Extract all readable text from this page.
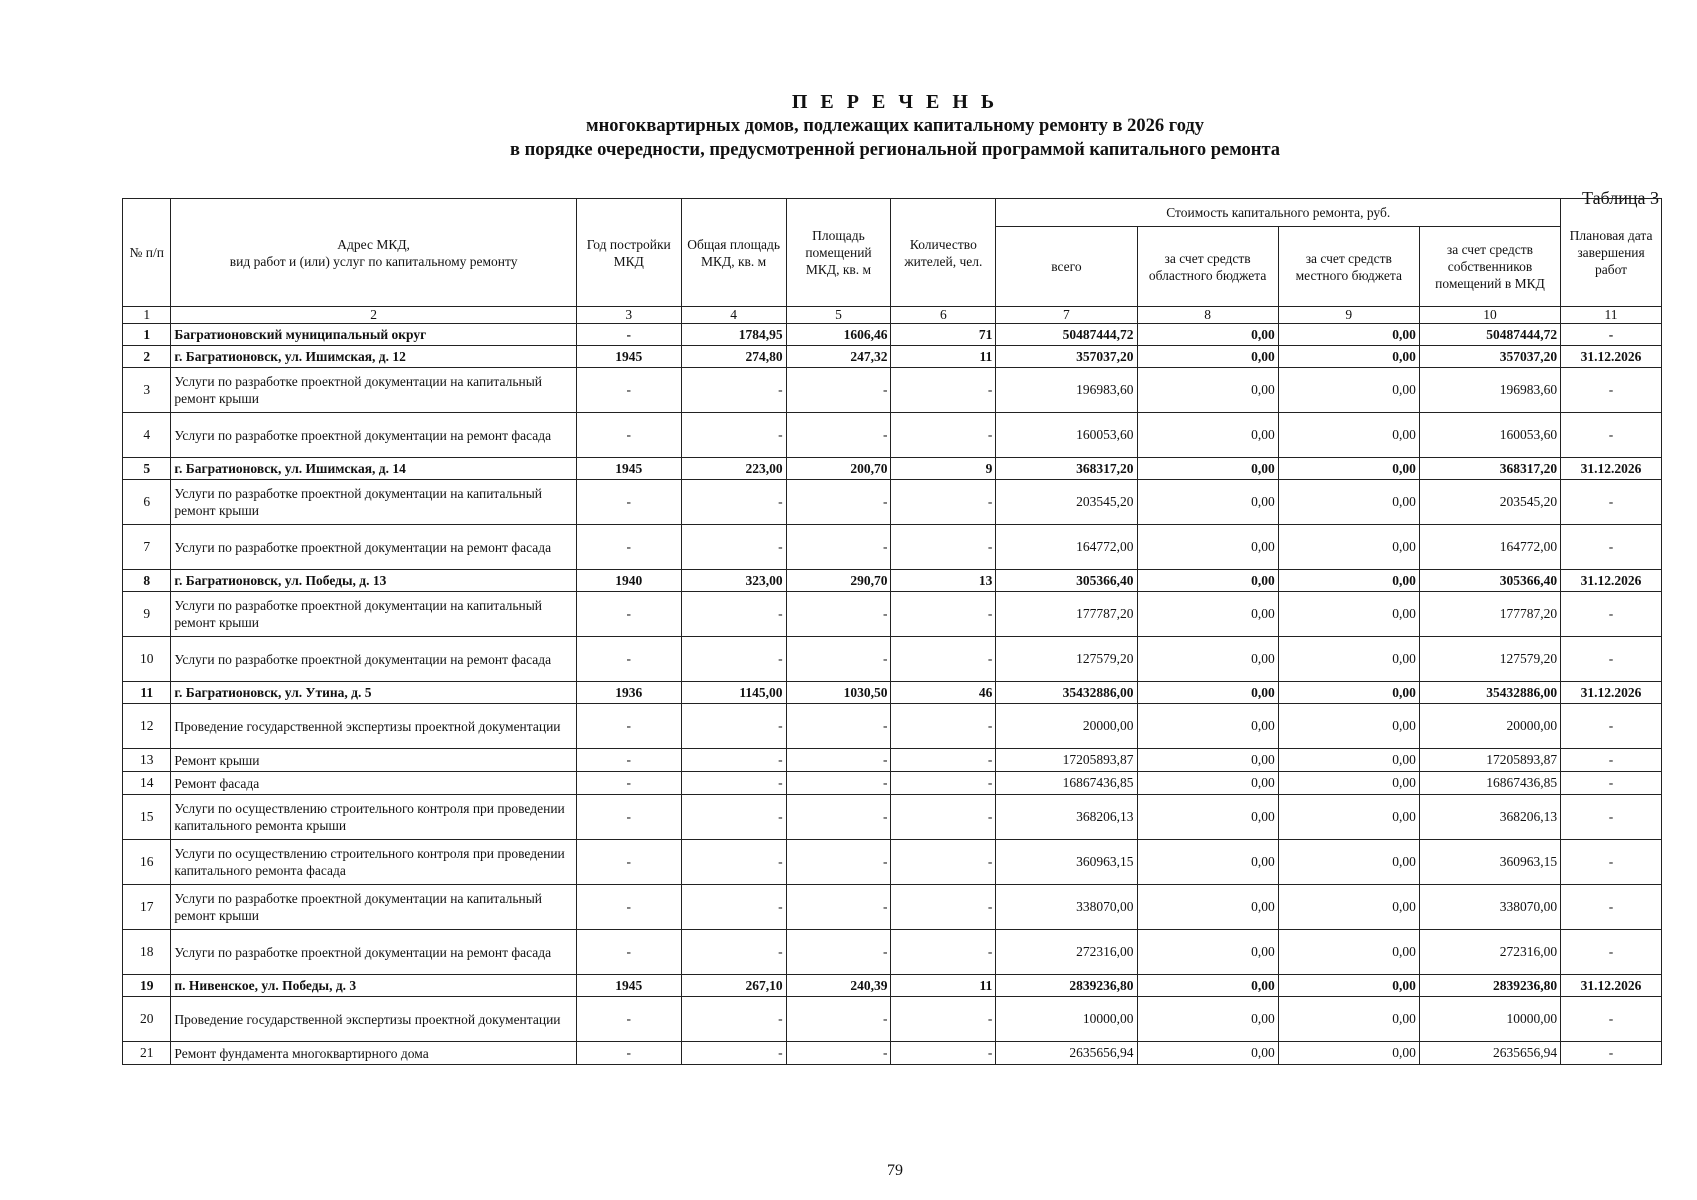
П Е Р Е Ч Е Н Ь
многоквартирных домов, подлежащих капитальному ремонту в 2026 году
в порядке очередности, предусмотренной региональной программой капитального ремонта
Таблица 3
№ п/п	Адрес МКД,
вид работ и (или) услуг по капитальному ремонту	Год постройки МКД	Общая площадь МКД, кв. м	Площадь помещений МКД, кв. м	Количество жителей, чел.	Стоимость капитального ремонта, руб.				Плановая дата завершения работ
						всего	за счет средств областного бюджета	за счет средств местного бюджета	за счет средств собственников помещений в МКД	
1	2	3	4	5	6	7	8	9	10	11
1	Багратионовский муниципальный округ	-	1784,95	1606,46	71	50487444,72	0,00	0,00	50487444,72	-
2	г. Багратионовск, ул. Ишимская, д. 12	1945	274,80	247,32	11	357037,20	0,00	0,00	357037,20	31.12.2026
3	Услуги по разработке проектной документации на капитальный ремонт крыши	-	-	-	-	196983,60	0,00	0,00	196983,60	-
4	Услуги по разработке проектной документации на ремонт фасада	-	-	-	-	160053,60	0,00	0,00	160053,60	-
5	г. Багратионовск, ул. Ишимская, д. 14	1945	223,00	200,70	9	368317,20	0,00	0,00	368317,20	31.12.2026
6	Услуги по разработке проектной документации на капитальный ремонт крыши	-	-	-	-	203545,20	0,00	0,00	203545,20	-
7	Услуги по разработке проектной документации на ремонт фасада	-	-	-	-	164772,00	0,00	0,00	164772,00	-
8	г. Багратионовск, ул. Победы, д. 13	1940	323,00	290,70	13	305366,40	0,00	0,00	305366,40	31.12.2026
9	Услуги по разработке проектной документации на капитальный ремонт крыши	-	-	-	-	177787,20	0,00	0,00	177787,20	-
10	Услуги по разработке проектной документации на ремонт фасада	-	-	-	-	127579,20	0,00	0,00	127579,20	-
11	г. Багратионовск, ул. Утина, д. 5	1936	1145,00	1030,50	46	35432886,00	0,00	0,00	35432886,00	31.12.2026
12	Проведение государственной экспертизы проектной документации	-	-	-	-	20000,00	0,00	0,00	20000,00	-
13	Ремонт крыши	-	-	-	-	17205893,87	0,00	0,00	17205893,87	-
14	Ремонт фасада	-	-	-	-	16867436,85	0,00	0,00	16867436,85	-
15	Услуги по осуществлению строительного контроля при проведении капитального ремонта крыши	-	-	-	-	368206,13	0,00	0,00	368206,13	-
16	Услуги по осуществлению строительного контроля при проведении капитального ремонта фасада	-	-	-	-	360963,15	0,00	0,00	360963,15	-
17	Услуги по разработке проектной документации на капитальный ремонт крыши	-	-	-	-	338070,00	0,00	0,00	338070,00	-
18	Услуги по разработке проектной документации на ремонт фасада	-	-	-	-	272316,00	0,00	0,00	272316,00	-
19	п. Нивенское, ул. Победы, д. 3	1945	267,10	240,39	11	2839236,80	0,00	0,00	2839236,80	31.12.2026
20	Проведение государственной экспертизы проектной документации	-	-	-	-	10000,00	0,00	0,00	10000,00	-
21	Ремонт фундамента многоквартирного дома	-	-	-	-	2635656,94	0,00	0,00	2635656,94	-
79
